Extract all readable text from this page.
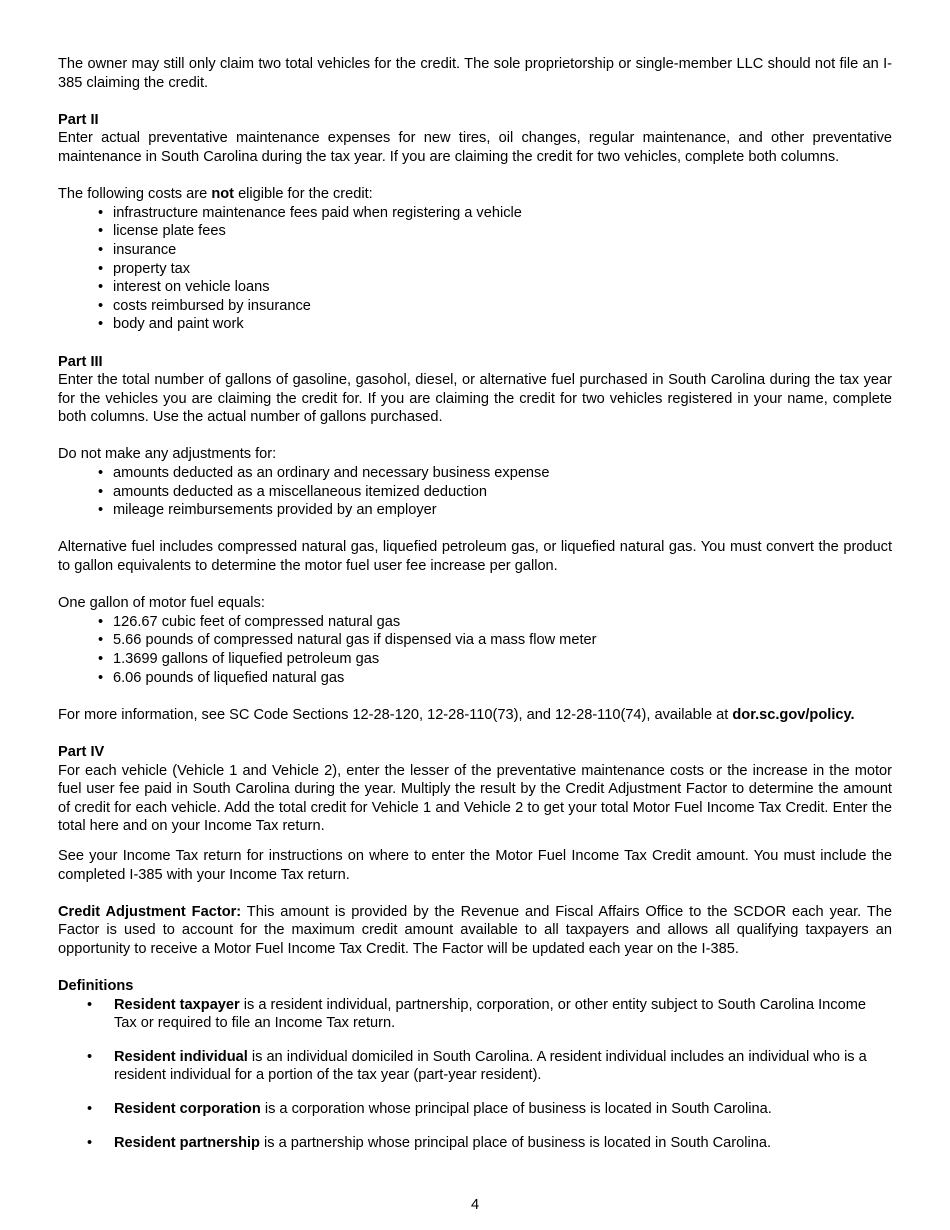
The owner may still only claim two total vehicles for the credit. The sole proprietorship or single-member LLC should not file an I-385 claiming the credit.

Part II

Enter actual preventative maintenance expenses for new tires, oil changes, regular maintenance, and other preventative maintenance in South Carolina during the tax year. If you are claiming the credit for two vehicles, complete both columns.

The following costs are not eligible for the credit:

• infrastructure maintenance fees paid when registering a vehicle
• license plate fees
• insurance
• property tax
• interest on vehicle loans
• costs reimbursed by insurance
• body and paint work
Part III

Enter the total number of gallons of gasoline, gasohol, diesel, or alternative fuel purchased in South Carolina during the tax year for the vehicles you are claiming the credit for. If you are claiming the credit for two vehicles registered in your name, complete both columns. Use the actual number of gallons purchased.

Do not make any adjustments for:

• amounts deducted as an ordinary and necessary business expense
• amounts deducted as a miscellaneous itemized deduction
• mileage reimbursements provided by an employer

Alternative fuel includes compressed natural gas, liquefied petroleum gas, or liquefied natural gas. You must convert the product to gallon equivalents to determine the motor fuel user fee increase per gallon.

One gallon of motor fuel equals:

• 126.67 cubic feet of compressed natural gas
• 5.66 pounds of compressed natural gas if dispensed via a mass flow meter
• 1.3699 gallons of liquefied petroleum gas
• 6.06 pounds of liquefied natural gas

For more information, see SC Code Sections 12-28-120, 12-28-110(73), and 12-28-110(74), available at dor.sc.gov/policy.

Part IV

For each vehicle (Vehicle 1 and Vehicle 2), enter the lesser of the preventative maintenance costs or the increase in the motor fuel user fee paid in South Carolina during the year. Multiply the result by the Credit Adjustment Factor to determine the amount of credit for each vehicle. Add the total credit for Vehicle 1 and Vehicle 2 to get your total Motor Fuel Income Tax Credit. Enter the total here and on your Income Tax return.

See your Income Tax return for instructions on where to enter the Motor Fuel Income Tax Credit amount. You must include the completed I-385 with your Income Tax return.

Credit Adjustment Factor: This amount is provided by the Revenue and Fiscal Affairs Office to the SCDOR each year. The Factor is used to account for the maximum credit amount available to all taxpayers and allows all qualifying taxpayers an opportunity to receive a Motor Fuel Income Tax Credit. The Factor will be updated each year on the I-385.

Definitions
• Resident taxpayer is a resident individual, partnership, corporation, or other entity subject to South Carolina Income Tax or required to file an Income Tax return.
• Resident individual is an individual domiciled in South Carolina. A resident individual includes an individual who is a resident individual for a portion of the tax year (part-year resident).
• Resident corporation is a corporation whose principal place of business is located in South Carolina.
• Resident partnership is a partnership whose principal place of business is located in South Carolina.
4
